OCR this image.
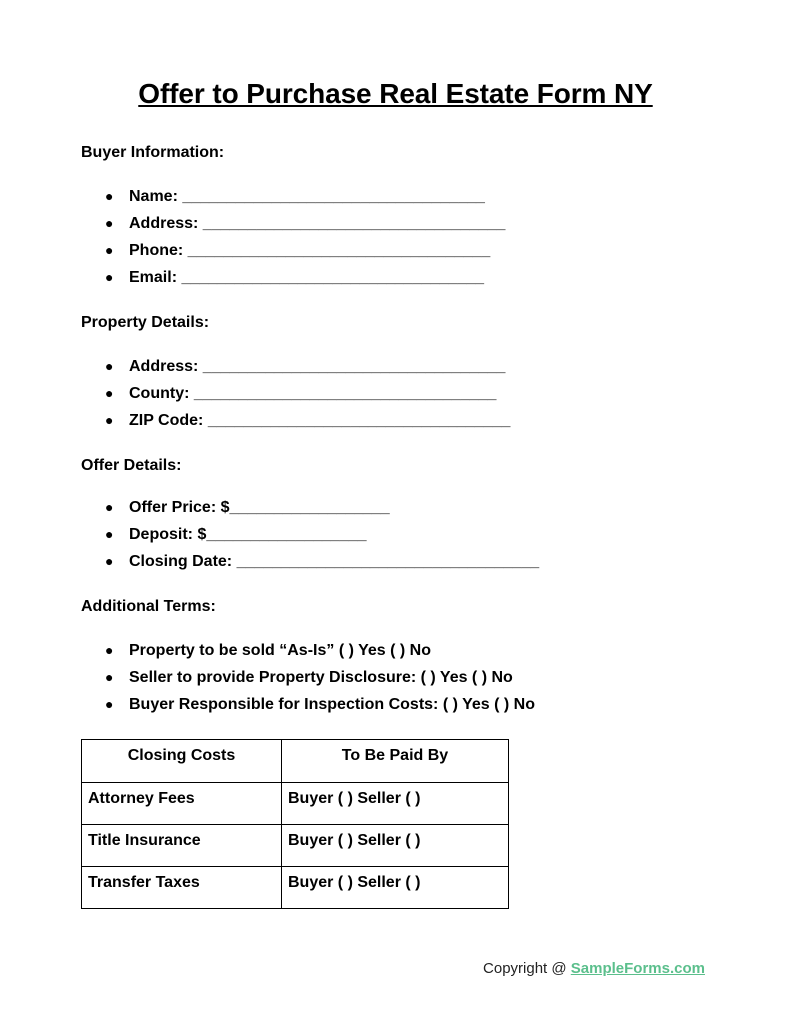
Offer to Purchase Real Estate Form NY
Buyer Information:
● Name: __________________________________
● Address: __________________________________
● Phone: __________________________________
● Email: __________________________________
Property Details:
● Address: __________________________________
● County: __________________________________
● ZIP Code: __________________________________
Offer Details:
● Offer Price: $__________________
● Deposit: $__________________
● Closing Date: __________________________________
Additional Terms:
● Property to be sold “As-Is” ( ) Yes ( ) No
● Seller to provide Property Disclosure: ( ) Yes ( ) No
● Buyer Responsible for Inspection Costs: ( ) Yes ( ) No
Closing Costs	To Be Paid By
Attorney Fees	Buyer ( ) Seller ( )
Title Insurance	Buyer ( ) Seller ( )
Transfer Taxes	Buyer ( ) Seller ( )
Copyright @ SampleForms.com
